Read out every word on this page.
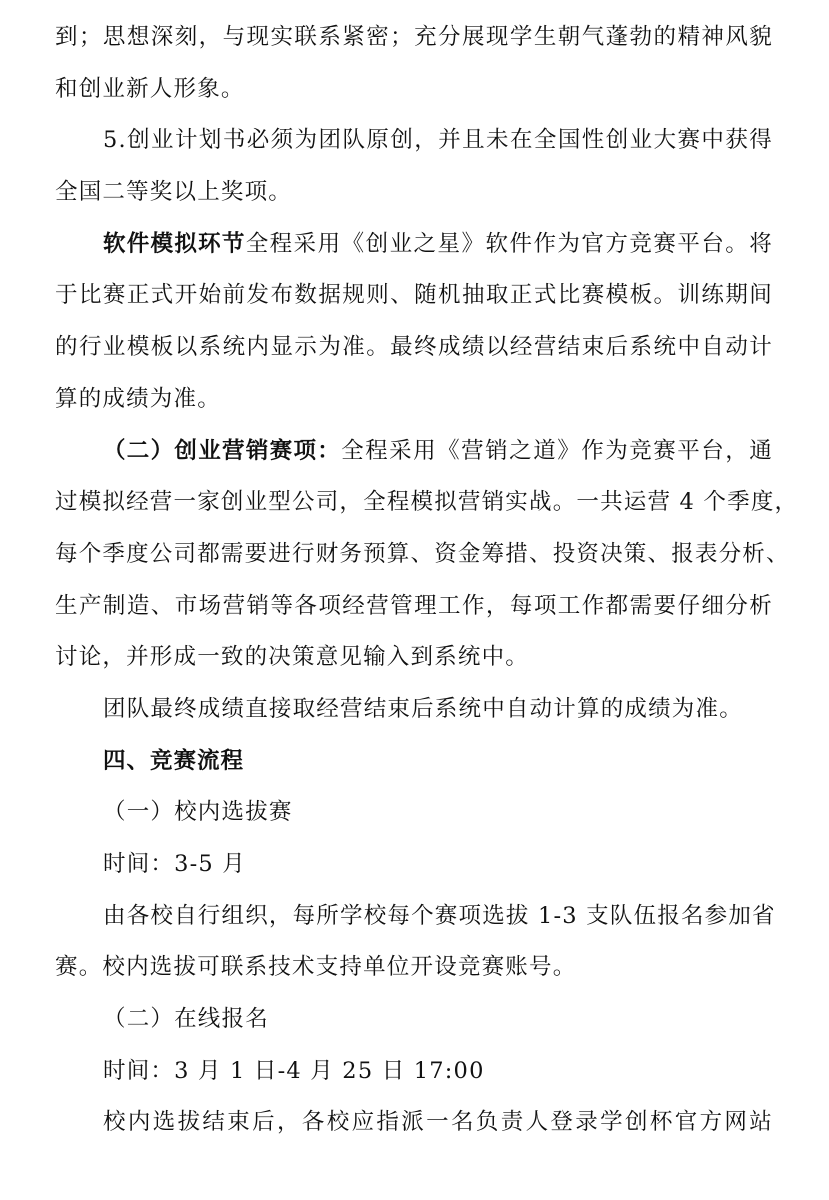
到；思想深刻，与现实联系紧密；充分展现学生朝气蓬勃的精神风貌
和创业新人形象。
5.创业计划书必须为团队原创，并且未在全国性创业大赛中获得
全国二等奖以上奖项。
软件模拟环节全程采用《创业之星》软件作为官方竞赛平台。将
于比赛正式开始前发布数据规则、随机抽取正式比赛模板。训练期间
的行业模板以系统内显示为准。最终成绩以经营结束后系统中自动计
算的成绩为准。
（二）创业营销赛项：全程采用《营销之道》作为竞赛平台，通
过模拟经营一家创业型公司，全程模拟营销实战。一共运营 4 个季度，
每个季度公司都需要进行财务预算、资金筹措、投资决策、报表分析、
生产制造、市场营销等各项经营管理工作，每项工作都需要仔细分析
讨论，并形成一致的决策意见输入到系统中。
团队最终成绩直接取经营结束后系统中自动计算的成绩为准。
四、竞赛流程
（一）校内选拔赛
时间：3-5 月
由各校自行组织，每所学校每个赛项选拔 1-3 支队伍报名参加省
赛。校内选拔可联系技术支持单位开设竞赛账号。
（二）在线报名
时间：3 月 1 日-4 月 25 日 17:00
校内选拔结束后，各校应指派一名负责人登录学创杯官方网站
